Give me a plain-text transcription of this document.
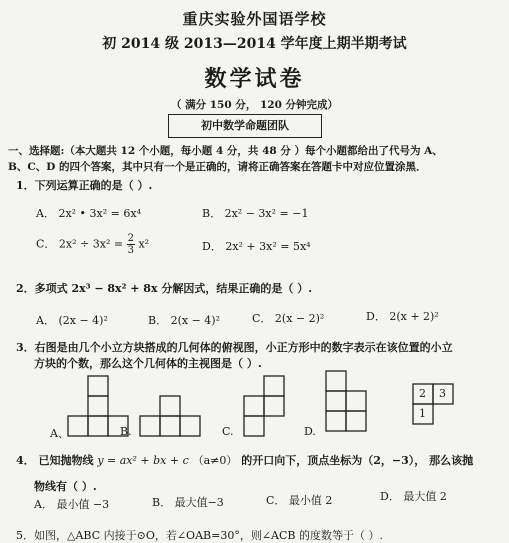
重庆实验外国语学校
初 2014 级 2013—2014 学年度上期半期考试
数学试卷
（ 满分 150 分， 120 分钟完成）
初中数学命题团队
一、选择题:（本大题共 12 个小题，每小题 4 分，共 48 分 ）每个小题都给出了代号为 A、
B、C、D 的四个答案，其中只有一个是正确的，请将正确答案在答题卡中对应位置涂黑．
1．下列运算正确的是（ ）.
A． 2x² • 3x² = 6x⁴	B． 2x² − 3x² = −1
C． $2x^2 \div 3x^2 = \frac{2}{3} x^2$	D． 2x² + 3x² = 5x⁴
2．多项式 2x³ − 8x² + 8x 分解因式，结果正确的是（ ）.
A． (2x − 4)²	B． 2(x − 4)²	C． 2(x − 2)²	D． 2(x + 2)²
3．右图是由几个小立方块搭成的几何体的俯视图，小正方形中的数字表示在该位置的小立
方块的个数，那么这个几何体的主视图是（ ）.
A、	B.	C.	D.
2 3
1
4． 已知抛物线 y = ax² + bx + c （a≠0） 的开口向下，顶点坐标为（2，−3）， 那么该抛
物线有（ ）.
A． 最小值 −3	B． 最大值−3	C． 最小值 2	D． 最大值 2
5．如图，△ABC 内接于⊙O，若∠OAB=30°，则∠ACB 的度数等于（ ）.
